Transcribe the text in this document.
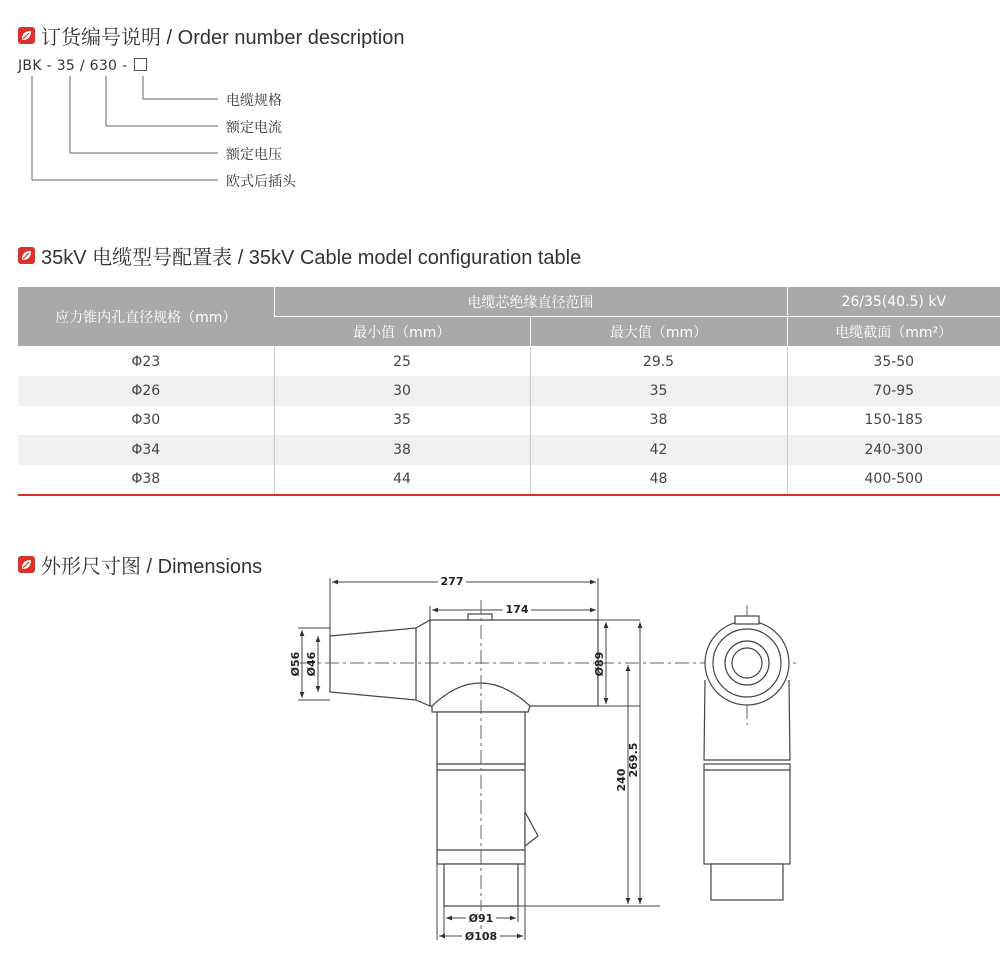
订货编号说明 / Order number description
JBK - 35 / 630 -
电缆规格
额定电流
额定电压
欧式后插头
35kV 电缆型号配置表 / 35kV Cable model configuration table
应力锥内孔直径规格（mm）	电缆芯绝缘直径范围		26/35(40.5) kV
	最小值（mm）	最大值（mm）	电缆截面（mm²）
Φ23	25	29.5	35-50
Φ26	30	35	70-95
Φ30	35	38	150-185
Φ34	38	42	240-300
Φ38	44	48	400-500
外形尺寸图 / Dimensions
277
174
Ø56 Ø46	Ø89
240
269.5
Ø91
Ø108
